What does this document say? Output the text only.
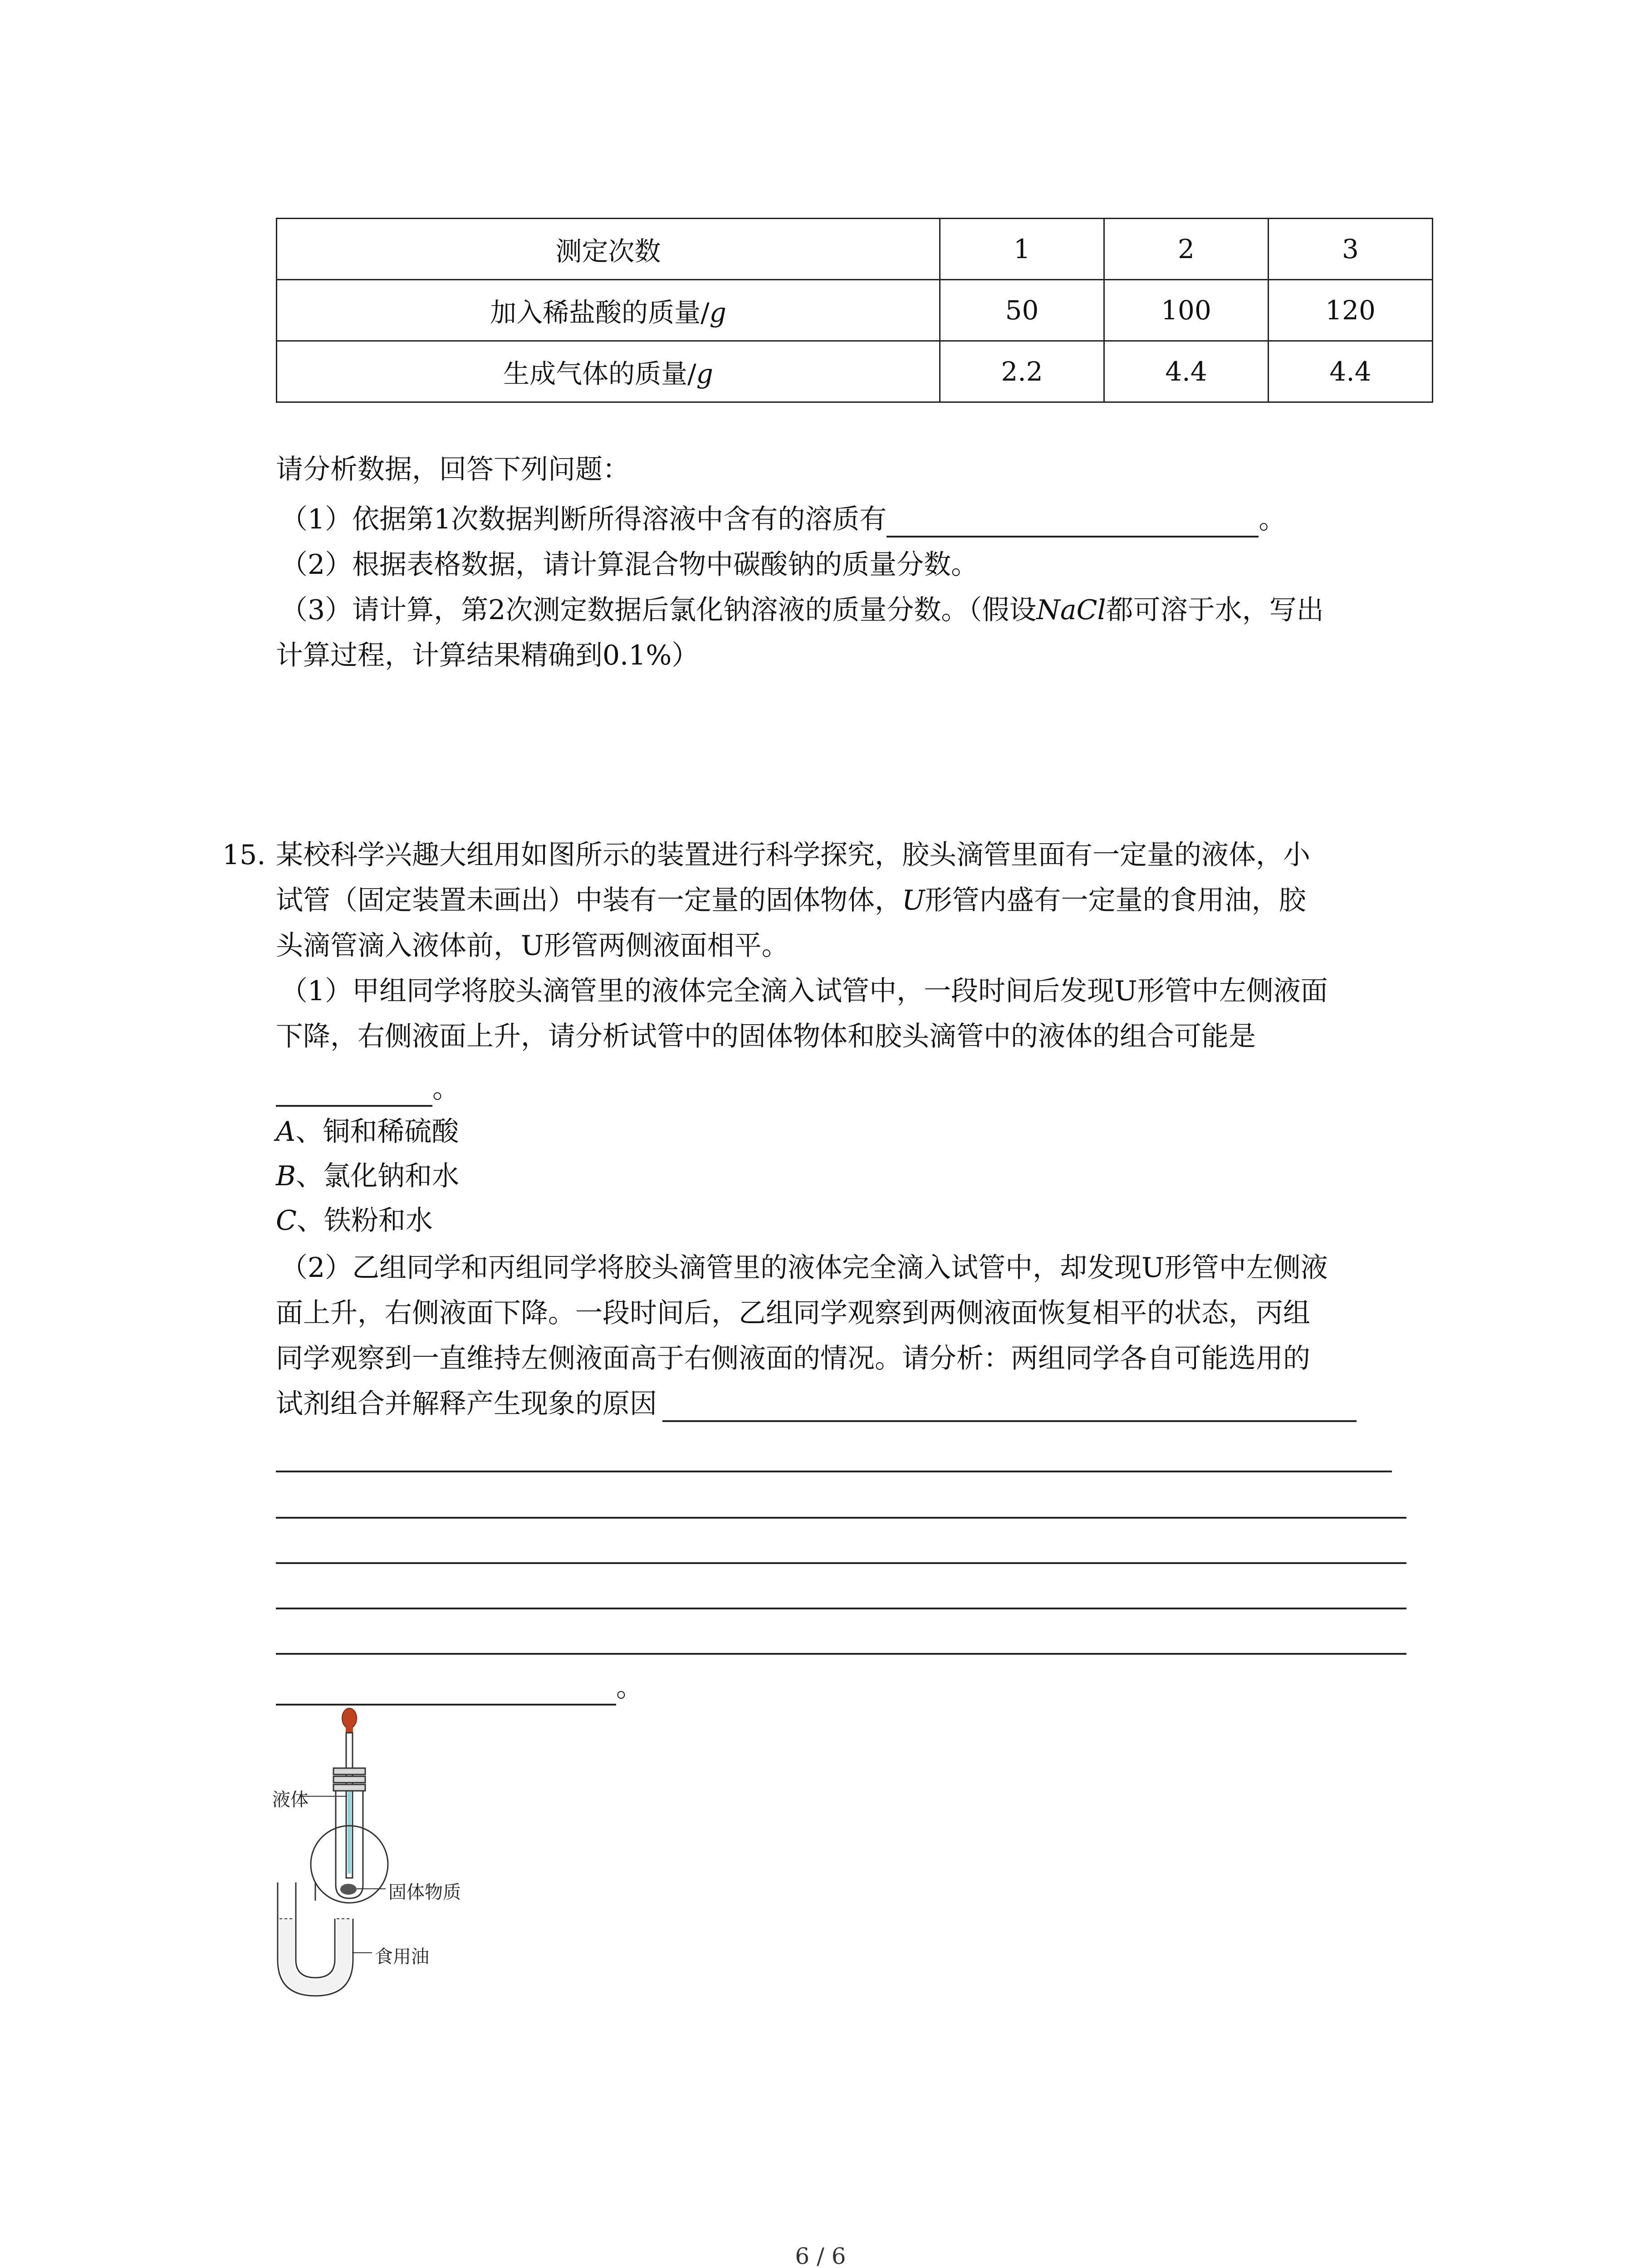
测定次数	1	2	3
加入稀盐酸的质量/g	50	100	120
生成气体的质量/g	2.2	4.4	4.4
请分析数据，回答下列问题：
（1）依据第1次数据判断所得溶液中含有的溶质有	。
（2）根据表格数据，请计算混合物中碳酸钠的质量分数。
（3）请计算，第2次测定数据后氯化钠溶液的质量分数。（假设NaCl都可溶于水，写出
计算过程，计算结果精确到0.1%）
15. 某校科学兴趣大组用如图所示的装置进行科学探究，胶头滴管里面有一定量的液体，小
试管（固定装置未画出）中装有一定量的固体物体，U形管内盛有一定量的食用油，胶
头滴管滴入液体前，U形管两侧液面相平。
（1）甲组同学将胶头滴管里的液体完全滴入试管中，一段时间后发现U形管中左侧液面
下降，右侧液面上升，请分析试管中的固体物体和胶头滴管中的液体的组合可能是
。
A、铜和稀硫酸
B、氯化钠和水
C、铁粉和水
（2）乙组同学和丙组同学将胶头滴管里的液体完全滴入试管中，却发现U形管中左侧液
面上升，右侧液面下降。一段时间后，乙组同学观察到两侧液面恢复相平的状态，丙组
同学观察到一直维持左侧液面高于右侧液面的情况。请分析：两组同学各自可能选用的
试剂组合并解释产生现象的原因
。
液体
固体物质
食用油
6 / 6
